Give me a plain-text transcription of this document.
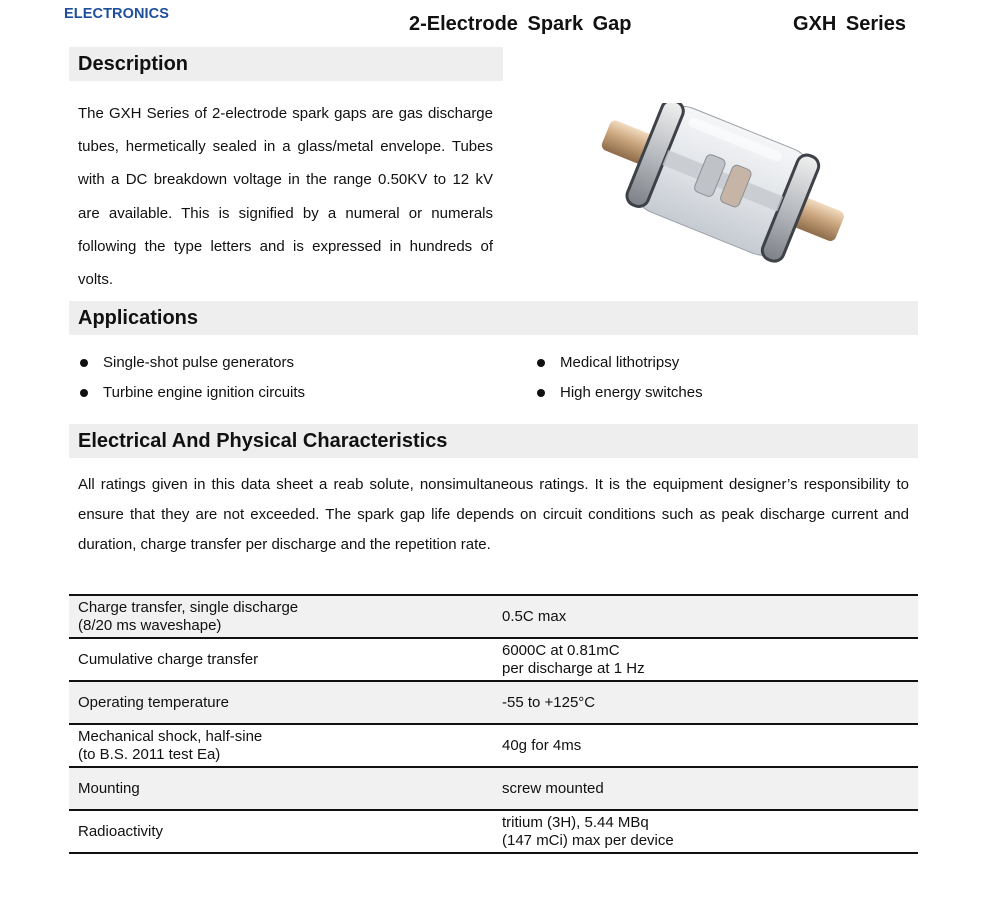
ELECTRONICS	2-Electrode Spark Gap	GXH Series
Description

The GXH Series of 2-electrode spark gaps are gas discharge tubes, hermetically sealed in a glass/metal envelope. Tubes with a DC breakdown voltage in the range 0.50KV to 12 kV are available. This is signified by a numeral or numerals following the type letters and is expressed in hundreds of volts.

Applications
Single-shot pulse generators
Turbine engine ignition circuits
Medical lithotripsy
High energy switches
Electrical And Physical Characteristics

All ratings given in this data sheet a reab solute, nonsimultaneous ratings. It is the equipment designer’s responsibility to ensure that they are not exceeded. The spark gap life depends on circuit conditions such as peak discharge current and duration, charge transfer per discharge and the repetition rate.

Charge transfer, single discharge
(8/20 ms waveshape)	0.5C max

Cumulative charge transfer	6000C at 0.81mC
per discharge at 1 Hz

Operating temperature	-55 to +125°C

Mechanical shock, half-sine
(to B.S. 2011 test Ea)	40g for 4ms

Mounting	screw mounted

Radioactivity	tritium (3H), 5.44 MBq
(147 mCi) max per device
